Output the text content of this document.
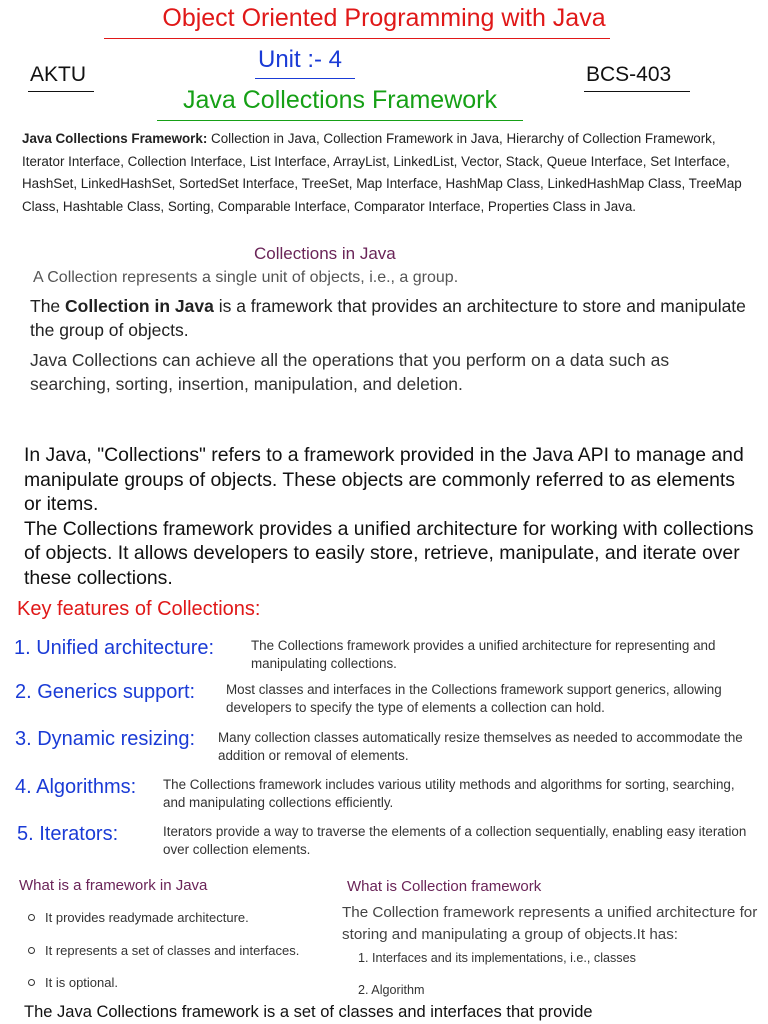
Object Oriented Programming with Java
Unit :- 4
AKTU	BCS-403
Java Collections Framework
Java Collections Framework: Collection in Java, Collection Framework in Java, Hierarchy of Collection Framework, Iterator Interface, Collection Interface, List Interface, ArrayList, LinkedList, Vector, Stack, Queue Interface, Set Interface, HashSet, LinkedHashSet, SortedSet Interface, TreeSet, Map Interface, HashMap Class, LinkedHashMap Class, TreeMap Class, Hashtable Class, Sorting, Comparable Interface, Comparator Interface, Properties Class in Java.
Collections in Java
A Collection represents a single unit of objects, i.e., a group.
The Collection in Java is a framework that provides an architecture to store and manipulate the group of objects.
Java Collections can achieve all the operations that you perform on a data such as searching, sorting, insertion, manipulation, and deletion.
In Java, "Collections" refers to a framework provided in the Java API to manage and manipulate groups of objects. These objects are commonly referred to as elements or items.
The Collections framework provides a unified architecture for working with collections of objects. It allows developers to easily store, retrieve, manipulate, and iterate over these collections.
Key features of Collections:
1. Unified architecture:	The Collections framework provides a unified architecture for representing and manipulating collections.
2. Generics support: Most classes and interfaces in the Collections framework support generics, allowing developers to specify the type of elements a collection can hold.
3. Dynamic resizing: Many collection classes automatically resize themselves as needed to accommodate the addition or removal of elements.
4. Algorithms: The Collections framework includes various utility methods and algorithms for sorting, searching, and manipulating collections efficiently.
5. Iterators:	Iterators provide a way to traverse the elements of a collection sequentially, enabling easy iteration over collection elements.
What is a framework in Java
It provides readymade architecture.
It represents a set of classes and interfaces.
It is optional.
What is Collection framework
The Collection framework represents a unified architecture for storing and manipulating a group of objects.It has:
1. Interfaces and its implementations, i.e., classes
2. Algorithm
The Java Collections framework is a set of classes and interfaces that provide
